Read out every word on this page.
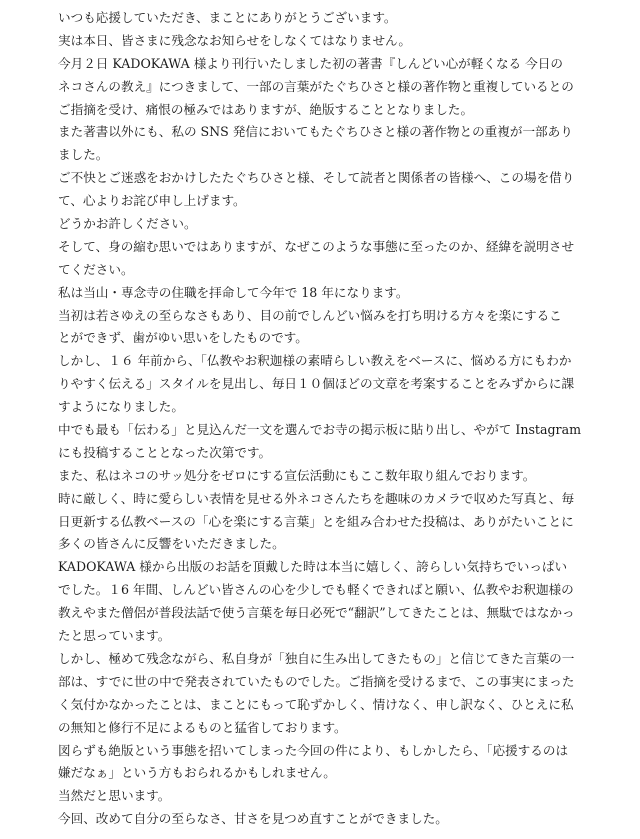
いつも応援していただき、まことにありがとうございます。
実は本日、皆さまに残念なお知らせをしなくてはなりません。
今月２日 KADOKAWA 様より刊行いたしました初の著書『しんどい心が軽くなる 今日の
ネコさんの教え』につきまして、一部の言葉がたぐちひさと様の著作物と重複しているとの
ご指摘を受け、痛恨の極みではありますが、絶版することとなりました。
また著書以外にも、私の SNS 発信においてもたぐちひさと様の著作物との重複が一部あり
ました。
ご不快とご迷惑をおかけしたたぐちひさと様、そして読者と関係者の皆様へ、この場を借り
て、心よりお詫び申し上げます。
どうかお許しください。
そして、身の縮む思いではありますが、なぜこのような事態に至ったのか、経緯を説明させ
てください。
私は当山・専念寺の住職を拝命して今年で 18 年になります。
当初は若さゆえの至らなさもあり、目の前でしんどい悩みを打ち明ける方々を楽にするこ
とができず、歯がゆい思いをしたものです。
しかし、１６ 年前から、「仏教やお釈迦様の素晴らしい教えをベースに、悩める方にもわか
りやすく伝える」スタイルを見出し、毎日１０個ほどの文章を考案することをみずからに課
すようになりました。
中でも最も「伝わる」と見込んだ一文を選んでお寺の掲示板に貼り出し、やがて Instagram
にも投稿することとなった次第です。
また、私はネコのサッ処分をゼロにする宣伝活動にもここ数年取り組んでおります。
時に厳しく、時に愛らしい表情を見せる外ネコさんたちを趣味のカメラで収めた写真と、毎
日更新する仏教ベースの「心を楽にする言葉」とを組み合わせた投稿は、ありがたいことに
多くの皆さんに反響をいただきました。
KADOKAWA 様から出版のお話を頂戴した時は本当に嬉しく、誇らしい気持ちでいっぱい
でした。１6 年間、しんどい皆さんの心を少しでも軽くできればと願い、仏教やお釈迦様の
教えやまた僧侶が普段法話で使う言葉を毎日必死で“翻訳”してきたことは、無駄ではなかっ
たと思っています。
しかし、極めて残念ながら、私自身が「独自に生み出してきたもの」と信じてきた言葉の一
部は、すでに世の中で発表されていたものでした。ご指摘を受けるまで、この事実にまった
く気付かなかったことは、まことにもって恥ずかしく、情けなく、申し訳なく、ひとえに私
の無知と修行不足によるものと猛省しております。
図らずも絶版という事態を招いてしまった今回の件により、もしかしたら、「応援するのは
嫌だなぁ」という方もおられるかもしれません。
当然だと思います。
今回、改めて自分の至らなさ、甘さを見つめ直すことができました。
